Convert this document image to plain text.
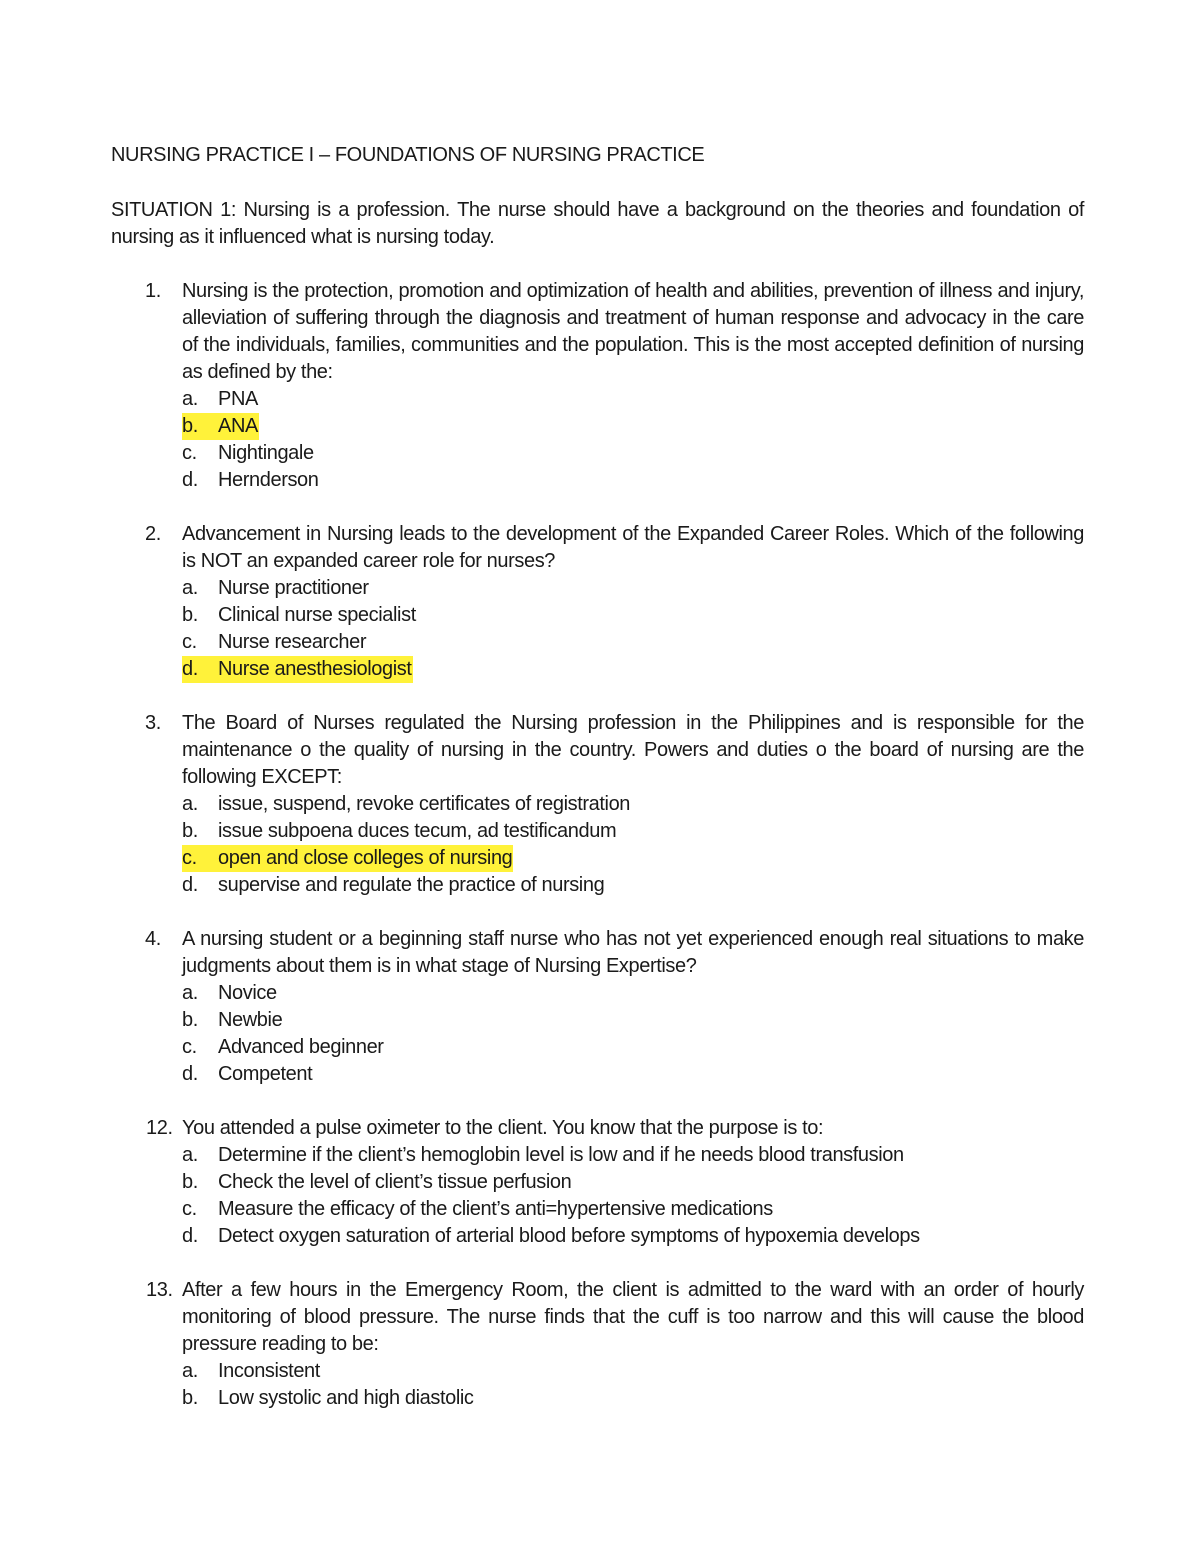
NURSING PRACTICE I – FOUNDATIONS OF NURSING PRACTICE

SITUATION 1: Nursing is a profession. The nurse should have a background on the theories and foundation of nursing as it influenced what is nursing today.

1.	Nursing is the protection, promotion and optimization of health and abilities, prevention of illness and injury, alleviation of suffering through the diagnosis and treatment of human response and advocacy in the care of the individuals, families, communities and the population. This is the most accepted definition of nursing as defined by the:
a. PNA
b. ANA
c. Nightingale
d. Hernderson
2.	Advancement in Nursing leads to the development of the Expanded Career Roles. Which of the following is NOT an expanded career role for nurses?
a. Nurse practitioner
b. Clinical nurse specialist
c. Nurse researcher
d. Nurse anesthesiologist
3.	The Board of Nurses regulated the Nursing profession in the Philippines and is responsible for the maintenance o the quality of nursing in the country. Powers and duties o the board of nursing are the following EXCEPT:
a. issue, suspend, revoke certificates of registration
b. issue subpoena duces tecum, ad testificandum
c. open and close colleges of nursing
d. supervise and regulate the practice of nursing
4.	A nursing student or a beginning staff nurse who has not yet experienced enough real situations to make judgments about them is in what stage of Nursing Expertise?
a. Novice
b. Newbie
c. Advanced beginner
d. Competent
12. You attended a pulse oximeter to the client. You know that the purpose is to:
a. Determine if the client’s hemoglobin level is low and if he needs blood transfusion
b. Check the level of client’s tissue perfusion
c. Measure the efficacy of the client’s anti=hypertensive medications
d. Detect oxygen saturation of arterial blood before symptoms of hypoxemia develops
13. After a few hours in the Emergency Room, the client is admitted to the ward with an order of hourly monitoring of blood pressure. The nurse finds that the cuff is too narrow and this will cause the blood pressure reading to be:
a. Inconsistent
b. Low systolic and high diastolic
